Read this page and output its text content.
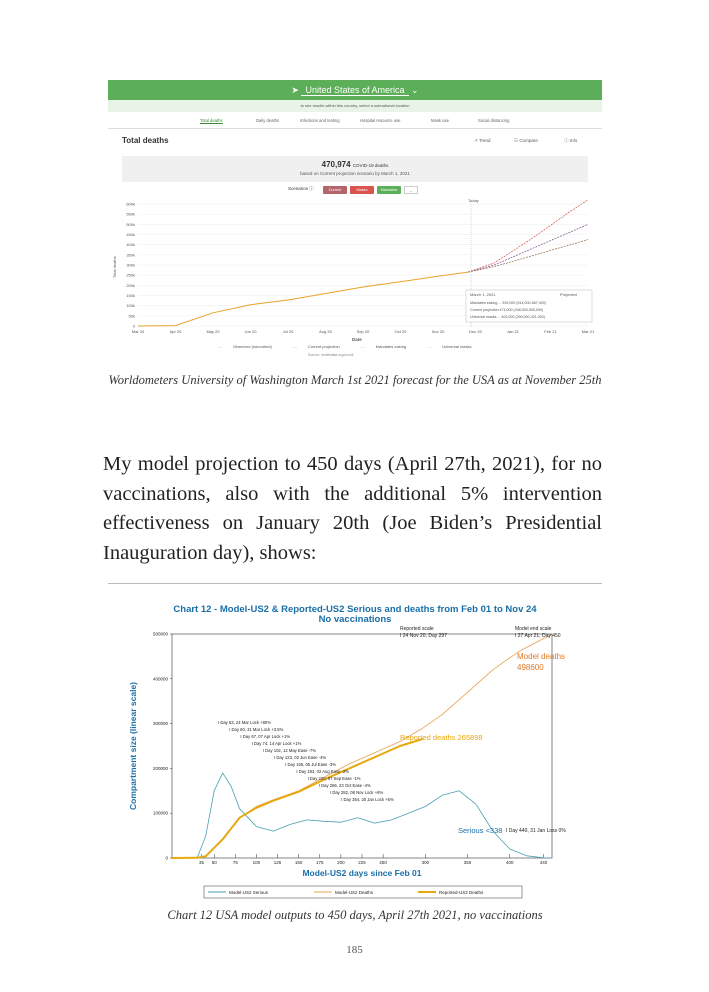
➤ United States of America ⌄
to see results within this country, select a subnational location
Total deaths	Daily deaths	Infections and testing	Hospital resource use	Mask use	Social distancing
Total deaths	↗ Trend	☷ Compare	ⓘ Info
470,974 COVID-19 deaths
based on Current projection scenario by March 1, 2021
Scenarios ⓘ	Current projection
Masks	Mandates easing
⌄
0
50k
100k
150k
200k
250k
300k
350k
400k
450k
500k
550k
600k
Mar 20	Apr 20	May 20	Jun 20	Jul 20	Aug 20	Sep 20	Oct 20	Nov 20	Dec 20	Jan 21	Feb 21	Mar 21
Today
Total deaths
Date
March 1, 2021	Projected
Mandates easing ... 539,000 (514,000-567,000)
Current projection 471,000 (448,000-505,000)
Universal masks ... 403,000 (390,000-421,000)
—	Observed (smoothed)	- -	Current projection	- -	Mandates easing	- -	Universal masks
Source: healthdata.org/covid/
Worldometers University of Washington March 1st 2021 forecast for the USA as at November 25th
My model projection to 450 days (April 27th, 2021), for no vaccinations, also with the additional 5% intervention effectiveness on January 20th (Joe Biden’s Presidential Inauguration day), shows:
Chart 12 - Model-US2 & Reported-US2 Serious and deaths from Feb 01 to Nov 24
No vaccinations
0
100000
200000
300000
400000
500000
35 50	75	100	125	150	175	200	225	250	300	350	400	440
I Day 53, 24 Mar Lock +80%
I Day 60, 31 Mar Lock +3.5%
I Day 67, 07 Apr Lock +1%
I Day 74, 14 Apr Lock +1%
I Day 102, 12 May Ease -7%
I Day 123, 02 Jun Ease -4%
I Day 155, 05 Jul Ease -3%
I Day 183, 02 Aug Ease -2%
I Day 220, 07 Sep Ease -1%
I Day 266, 23 Oct Ease -4%
I Day 282, 08 Nov Lock +6%
I Day 354, 20 Jan Lock +5%
Reported scale
I 24 Nov 20, Day 297
Model end scale
I 27 Apr 21, Day 450
Model deaths
498600
Reported deaths 265898
Serious <338 I Day 440, 31 Jan Loss 0%
Compartment size (linear scale)
Model-US2 days since Feb 01
Model-US2 Serious	Model-US2 Deaths	Reported-US2 Deaths
Chart 12 USA model outputs to 450 days, April 27th 2021, no vaccinations
185
